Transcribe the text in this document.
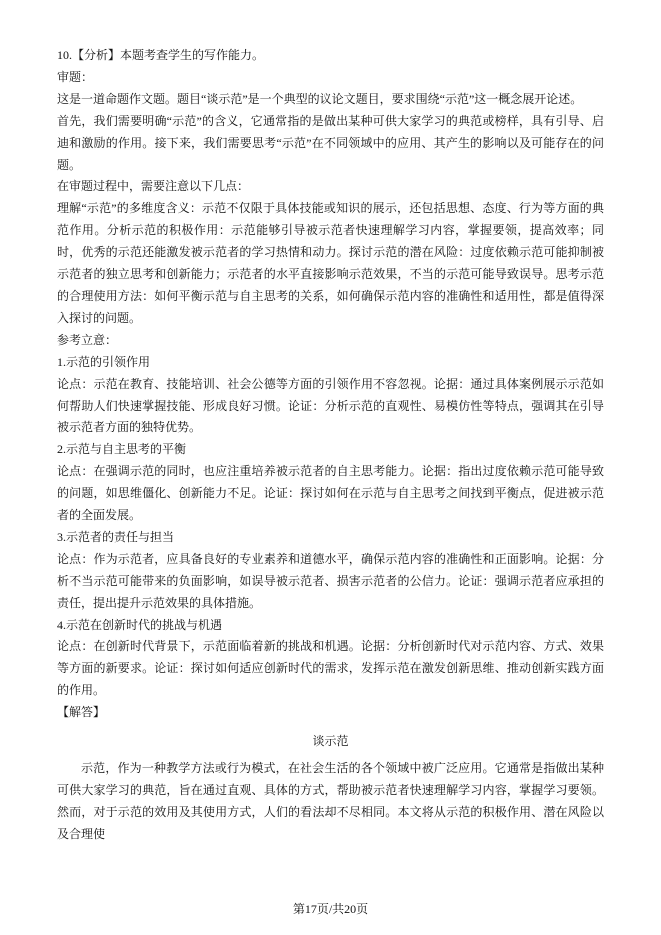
10.【分析】本题考查学生的写作能力。

审题：

这是一道命题作文题。题目“谈示范”是一个典型的议论文题目，要求围绕“示范”这一概念展开论述。

首先，我们需要明确“示范”的含义，它通常指的是做出某种可供大家学习的典范或榜样，具有引导、启迪和激励的作用。接下来，我们需要思考“示范”在不同领域中的应用、其产生的影响以及可能存在的问题。

在审题过程中，需要注意以下几点：

理解“示范”的多维度含义：示范不仅限于具体技能或知识的展示，还包括思想、态度、行为等方面的典范作用。分析示范的积极作用：示范能够引导被示范者快速理解学习内容，掌握要领，提高效率；同时，优秀的示范还能激发被示范者的学习热情和动力。探讨示范的潜在风险：过度依赖示范可能抑制被示范者的独立思考和创新能力；示范者的水平直接影响示范效果，不当的示范可能导致误导。思考示范的合理使用方法：如何平衡示范与自主思考的关系，如何确保示范内容的准确性和适用性，都是值得深入探讨的问题。

参考立意：

1.示范的引领作用

论点：示范在教育、技能培训、社会公德等方面的引领作用不容忽视。论据：通过具体案例展示示范如何帮助人们快速掌握技能、形成良好习惯。论证：分析示范的直观性、易模仿性等特点，强调其在引导被示范者方面的独特优势。

2.示范与自主思考的平衡

论点：在强调示范的同时，也应注重培养被示范者的自主思考能力。论据：指出过度依赖示范可能导致的问题，如思维僵化、创新能力不足。论证：探讨如何在示范与自主思考之间找到平衡点，促进被示范者的全面发展。

3.示范者的责任与担当

论点：作为示范者，应具备良好的专业素养和道德水平，确保示范内容的准确性和正面影响。论据：分析不当示范可能带来的负面影响，如误导被示范者、损害示范者的公信力。论证：强调示范者应承担的责任，提出提升示范效果的具体措施。

4.示范在创新时代的挑战与机遇

论点：在创新时代背景下，示范面临着新的挑战和机遇。论据：分析创新时代对示范内容、方式、效果等方面的新要求。论证：探讨如何适应创新时代的需求，发挥示范在激发创新思维、推动创新实践方面的作用。

【解答】

谈示范

示范，作为一种教学方法或行为模式，在社会生活的各个领域中被广泛应用。它通常是指做出某种可供大家学习的典范，旨在通过直观、具体的方式，帮助被示范者快速理解学习内容，掌握学习要领。然而，对于示范的效用及其使用方式，人们的看法却不尽相同。本文将从示范的积极作用、潜在风险以及合理使

第17页/共20页
